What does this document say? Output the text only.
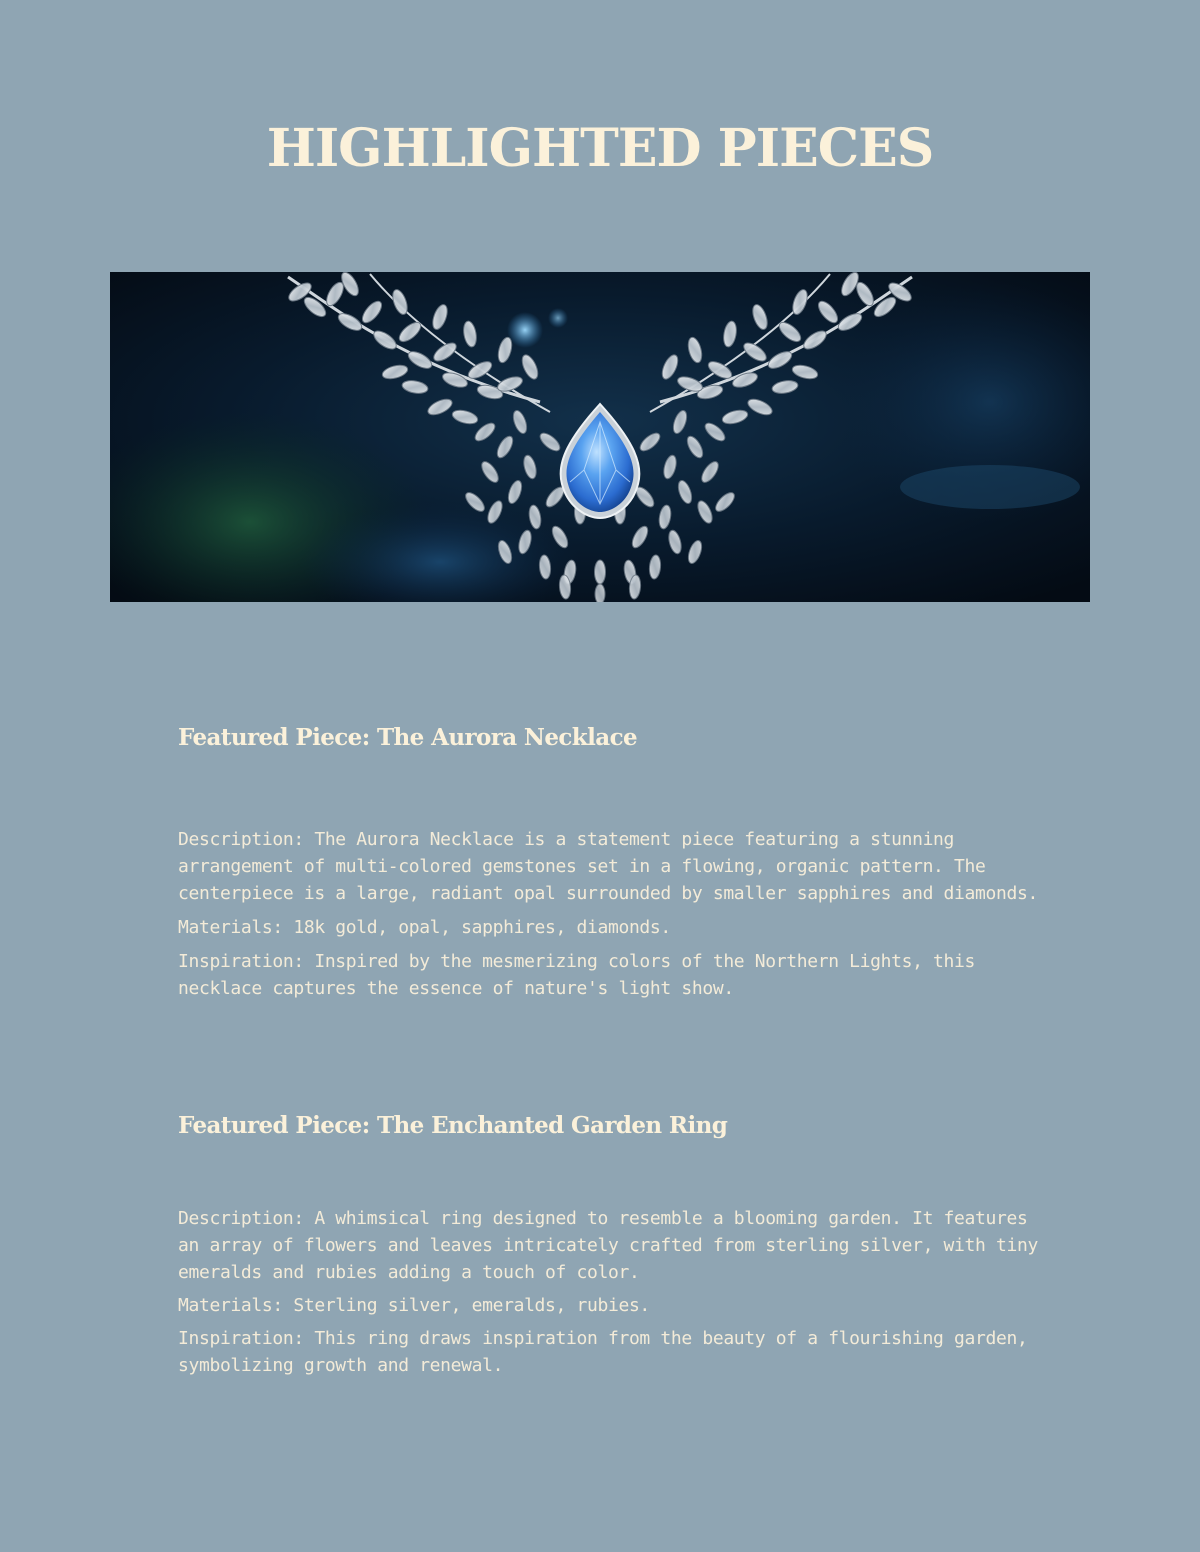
HIGHLIGHTED PIECES
Featured Piece: The Aurora Necklace

Description: The Aurora Necklace is a statement piece featuring a stunning arrangement of multi-colored gemstones set in a flowing, organic pattern. The centerpiece is a large, radiant opal surrounded by smaller sapphires and diamonds.

Materials: 18k gold, opal, sapphires, diamonds.

Inspiration: Inspired by the mesmerizing colors of the Northern Lights, this necklace captures the essence of nature's light show.

Featured Piece: The Enchanted Garden Ring

Description: A whimsical ring designed to resemble a blooming garden. It features an array of flowers and leaves intricately crafted from sterling silver, with tiny emeralds and rubies adding a touch of color.

Materials: Sterling silver, emeralds, rubies.

Inspiration: This ring draws inspiration from the beauty of a flourishing garden, symbolizing growth and renewal.
